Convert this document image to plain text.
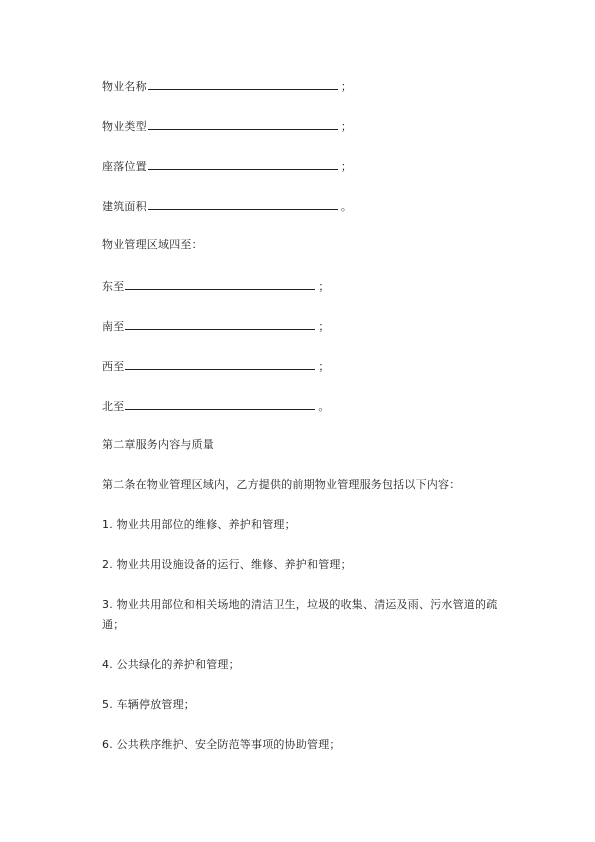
物业名称	；
物业类型	；
座落位置	；
建筑面积	。
物业管理区域四至：
东至	；
南至	；
西至	；
北至	。
第二章服务内容与质量
第二条在物业管理区域内，乙方提供的前期物业管理服务包括以下内容：
1. 物业共用部位的维修、养护和管理；
2. 物业共用设施设备的运行、维修、养护和管理；
3. 物业共用部位和相关场地的清洁卫生，垃圾的收集、清运及雨、污水管道的疏
通；
4. 公共绿化的养护和管理；
5. 车辆停放管理；
6. 公共秩序维护、安全防范等事项的协助管理；
